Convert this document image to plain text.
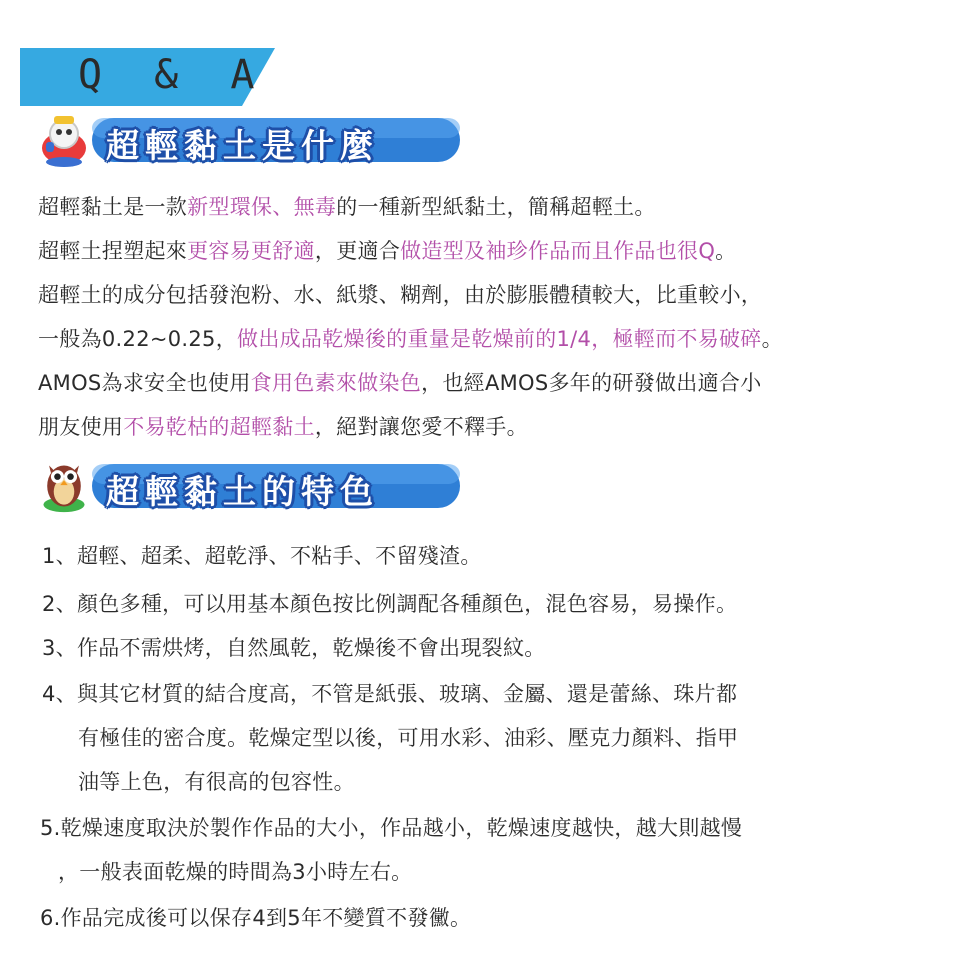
Q & A
超輕黏土是什麼
超輕黏土是一款新型環保、無毒的一種新型紙黏土，簡稱超輕土。
超輕土捏塑起來更容易更舒適，更適合做造型及袖珍作品而且作品也很Q。
超輕土的成分包括發泡粉、水、紙漿、糊劑，由於膨脹體積較大，比重較小，
一般為0.22~0.25，做出成品乾燥後的重量是乾燥前的1/4，極輕而不易破碎。
AMOS為求安全也使用食用色素來做染色，也經AMOS多年的研發做出適合小
朋友使用不易乾枯的超輕黏土，絕對讓您愛不釋手。
超輕黏土的特色
1、超輕、超柔、超乾淨、不粘手、不留殘渣。
2、顏色多種，可以用基本顏色按比例調配各種顏色，混色容易，易操作。
3、作品不需烘烤，自然風乾，乾燥後不會出現裂紋。
4、與其它材質的結合度高，不管是紙張、玻璃、金屬、還是蕾絲、珠片都
有極佳的密合度。乾燥定型以後，可用水彩、油彩、壓克力顏料、指甲
油等上色，有很高的包容性。
5.乾燥速度取決於製作作品的大小，作品越小，乾燥速度越快，越大則越慢
，一般表面乾燥的時間為3小時左右。
6.作品完成後可以保存4到5年不變質不發黴。
